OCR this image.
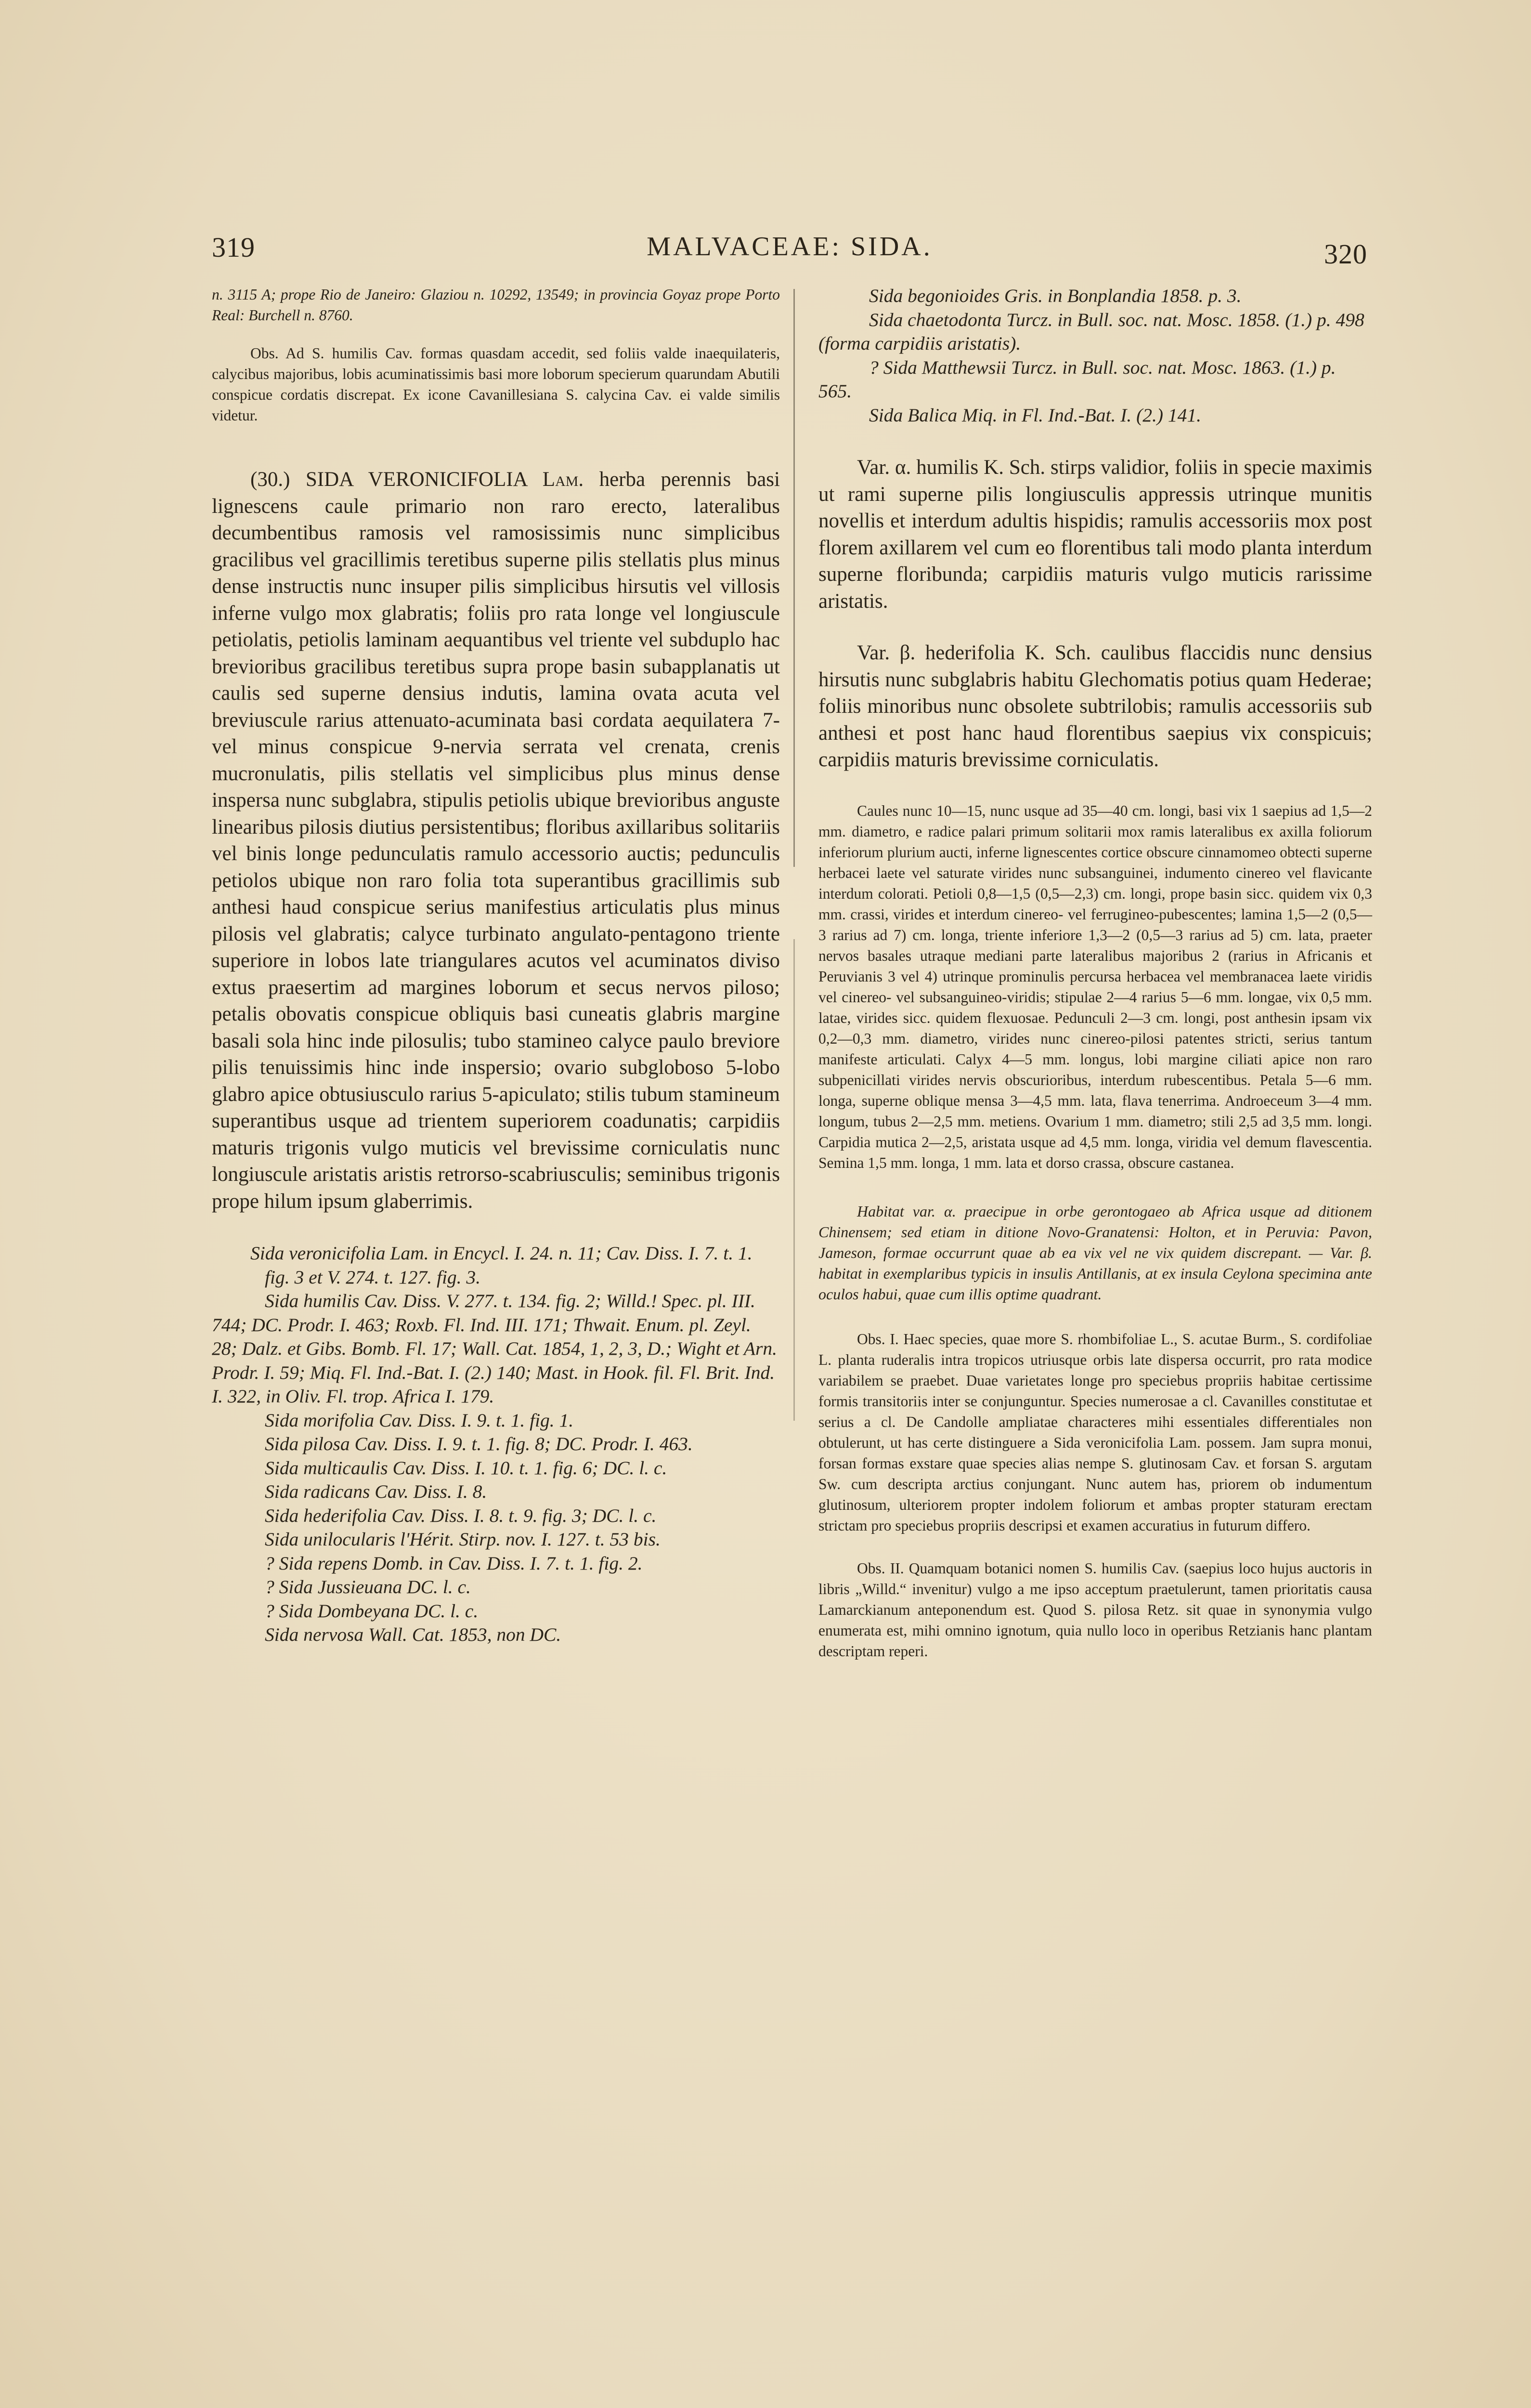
319	MALVACEAE: SIDA.	320

n. 3115 A; prope Rio de Janeiro: Glaziou n. 10292, 13549; in provincia Goyaz prope Porto Real: Burchell n. 8760.

Obs. Ad S. humilis Cav. formas quasdam accedit, sed foliis valde inaequilateris, calycibus majoribus, lobis acuminatissimis basi more loborum specierum quarundam Abutili conspicue cordatis discrepat. Ex icone Cavanillesiana S. calycina Cav. ei valde similis videtur.

(30.) SIDA VERONICIFOLIA Lam. herba perennis basi lignescens caule primario non raro erecto, lateralibus decumbentibus ramosis vel ramosissimis nunc simplicibus gracilibus vel gracillimis teretibus superne pilis stellatis plus minus dense instructis nunc insuper pilis simplicibus hirsutis vel villosis inferne vulgo mox glabratis; foliis pro rata longe vel longiuscule petiolatis, petiolis laminam aequantibus vel triente vel subduplo hac brevioribus gracilibus teretibus supra prope basin subapplanatis ut caulis sed superne densius indutis, lamina ovata acuta vel breviuscule rarius attenuato-acuminata basi cordata aequilatera 7- vel minus conspicue 9-nervia serrata vel crenata, crenis mucronulatis, pilis stellatis vel simplicibus plus minus dense inspersa nunc subglabra, stipulis petiolis ubique brevioribus anguste linearibus pilosis diutius persistentibus; floribus axillaribus solitariis vel binis longe pedunculatis ramulo accessorio auctis; pedunculis petiolos ubique non raro folia tota superantibus gracillimis sub anthesi haud conspicue serius manifestius articulatis plus minus pilosis vel glabratis; calyce turbinato angulato-pentagono triente superiore in lobos late triangulares acutos vel acuminatos diviso extus praesertim ad margines loborum et secus nervos piloso; petalis obovatis conspicue obliquis basi cuneatis glabris margine basali sola hinc inde pilosulis; tubo stamineo calyce paulo breviore pilis tenuissimis hinc inde inspersio; ovario subgloboso 5-lobo glabro apice obtusiusculo rarius 5-apiculato; stilis tubum stamineum superantibus usque ad trientem superiorem coadunatis; carpidiis maturis trigonis vulgo muticis vel brevissime corniculatis nunc longiuscule aristatis aristis retrorso-scabriusculis; seminibus trigonis prope hilum ipsum glaberrimis.

Sida veronicifolia Lam. in Encycl. I. 24. n. 11; Cav. Diss. I. 7. t. 1. fig. 3 et V. 274. t. 127. fig. 3.

Sida humilis Cav. Diss. V. 277. t. 134. fig. 2; Willd.! Spec. pl. III. 744; DC. Prodr. I. 463; Roxb. Fl. Ind. III. 171; Thwait. Enum. pl. Zeyl. 28; Dalz. et Gibs. Bomb. Fl. 17; Wall. Cat. 1854, 1, 2, 3, D.; Wight et Arn. Prodr. I. 59; Miq. Fl. Ind.-Bat. I. (2.) 140; Mast. in Hook. fil. Fl. Brit. Ind. I. 322, in Oliv. Fl. trop. Africa I. 179.

Sida morifolia Cav. Diss. I. 9. t. 1. fig. 1.

Sida pilosa Cav. Diss. I. 9. t. 1. fig. 8; DC. Prodr. I. 463.

Sida multicaulis Cav. Diss. I. 10. t. 1. fig. 6; DC. l. c.

Sida radicans Cav. Diss. I. 8.

Sida hederifolia Cav. Diss. I. 8. t. 9. fig. 3; DC. l. c.

Sida unilocularis l'Hérit. Stirp. nov. I. 127. t. 53 bis.

? Sida repens Domb. in Cav. Diss. I. 7. t. 1. fig. 2.

? Sida Jussieuana DC. l. c.

? Sida Dombeyana DC. l. c.

Sida nervosa Wall. Cat. 1853, non DC.

Sida begonioides Gris. in Bonplandia 1858. p. 3.

Sida chaetodonta Turcz. in Bull. soc. nat. Mosc. 1858. (1.) p. 498 (forma carpidiis aristatis).

? Sida Matthewsii Turcz. in Bull. soc. nat. Mosc. 1863. (1.) p. 565.

Sida Balica Miq. in Fl. Ind.-Bat. I. (2.) 141.

Var. α. humilis K. Sch. stirps validior, foliis in specie maximis ut rami superne pilis longiusculis appressis utrinque munitis novellis et interdum adultis hispidis; ramulis accessoriis mox post florem axillarem vel cum eo florentibus tali modo planta interdum superne floribunda; carpidiis maturis vulgo muticis rarissime aristatis.

Var. β. hederifolia K. Sch. caulibus flaccidis nunc densius hirsutis nunc subglabris habitu Glechomatis potius quam Hederae; foliis minoribus nunc obsolete subtrilobis; ramulis accessoriis sub anthesi et post hanc haud florentibus saepius vix conspicuis; carpidiis maturis brevissime corniculatis.

Caules nunc 10—15, nunc usque ad 35—40 cm. longi, basi vix 1 saepius ad 1,5—2 mm. diametro, e radice palari primum solitarii mox ramis lateralibus ex axilla foliorum inferiorum plurium aucti, inferne lignescentes cortice obscure cinnamomeo obtecti superne herbacei laete vel saturate virides nunc subsanguinei, indumento cinereo vel flavicante interdum colorati. Petioli 0,8—1,5 (0,5—2,3) cm. longi, prope basin sicc. quidem vix 0,3 mm. crassi, virides et interdum cinereo- vel ferrugineo-pubescentes; lamina 1,5—2 (0,5—3 rarius ad 7) cm. longa, triente inferiore 1,3—2 (0,5—3 rarius ad 5) cm. lata, praeter nervos basales utraque mediani parte lateralibus majoribus 2 (rarius in Africanis et Peruvianis 3 vel 4) utrinque prominulis percursa herbacea vel membranacea laete viridis vel cinereo- vel subsanguineo-viridis; stipulae 2—4 rarius 5—6 mm. longae, vix 0,5 mm. latae, virides sicc. quidem flexuosae. Pedunculi 2—3 cm. longi, post anthesin ipsam vix 0,2—0,3 mm. diametro, virides nunc cinereo-pilosi patentes stricti, serius tantum manifeste articulati. Calyx 4—5 mm. longus, lobi margine ciliati apice non raro subpenicillati virides nervis obscurioribus, interdum rubescentibus. Petala 5—6 mm. longa, superne oblique mensa 3—4,5 mm. lata, flava tenerrima. Androeceum 3—4 mm. longum, tubus 2—2,5 mm. metiens. Ovarium 1 mm. diametro; stili 2,5 ad 3,5 mm. longi. Carpidia mutica 2—2,5, aristata usque ad 4,5 mm. longa, viridia vel demum flavescentia. Semina 1,5 mm. longa, 1 mm. lata et dorso crassa, obscure castanea.

Habitat var. α. praecipue in orbe gerontogaeo ab Africa usque ad ditionem Chinensem; sed etiam in ditione Novo-Granatensi: Holton, et in Peruvia: Pavon, Jameson, formae occurrunt quae ab ea vix vel ne vix quidem discrepant. — Var. β. habitat in exemplaribus typicis in insulis Antillanis, at ex insula Ceylona specimina ante oculos habui, quae cum illis optime quadrant.

Obs. I. Haec species, quae more S. rhombifoliae L., S. acutae Burm., S. cordifoliae L. planta ruderalis intra tropicos utriusque orbis late dispersa occurrit, pro rata modice variabilem se praebet. Duae varietates longe pro speciebus propriis habitae certissime formis transitoriis inter se conjunguntur. Species numerosae a cl. Cavanilles constitutae et serius a cl. De Candolle ampliatae characteres mihi essentiales differentiales non obtulerunt, ut has certe distinguere a Sida veronicifolia Lam. possem. Jam supra monui, forsan formas exstare quae species alias nempe S. glutinosam Cav. et forsan S. argutam Sw. cum descripta arctius conjungant. Nunc autem has, priorem ob indumentum glutinosum, ulteriorem propter indolem foliorum et ambas propter staturam erectam strictam pro speciebus propriis descripsi et examen accuratius in futurum differo.

Obs. II. Quamquam botanici nomen S. humilis Cav. (saepius loco hujus auctoris in libris „Willd.“ invenitur) vulgo a me ipso acceptum praetulerunt, tamen prioritatis causa Lamarckianum anteponendum est. Quod S. pilosa Retz. sit quae in synonymia vulgo enumerata est, mihi omnino ignotum, quia nullo loco in operibus Retzianis hanc plantam descriptam reperi.
